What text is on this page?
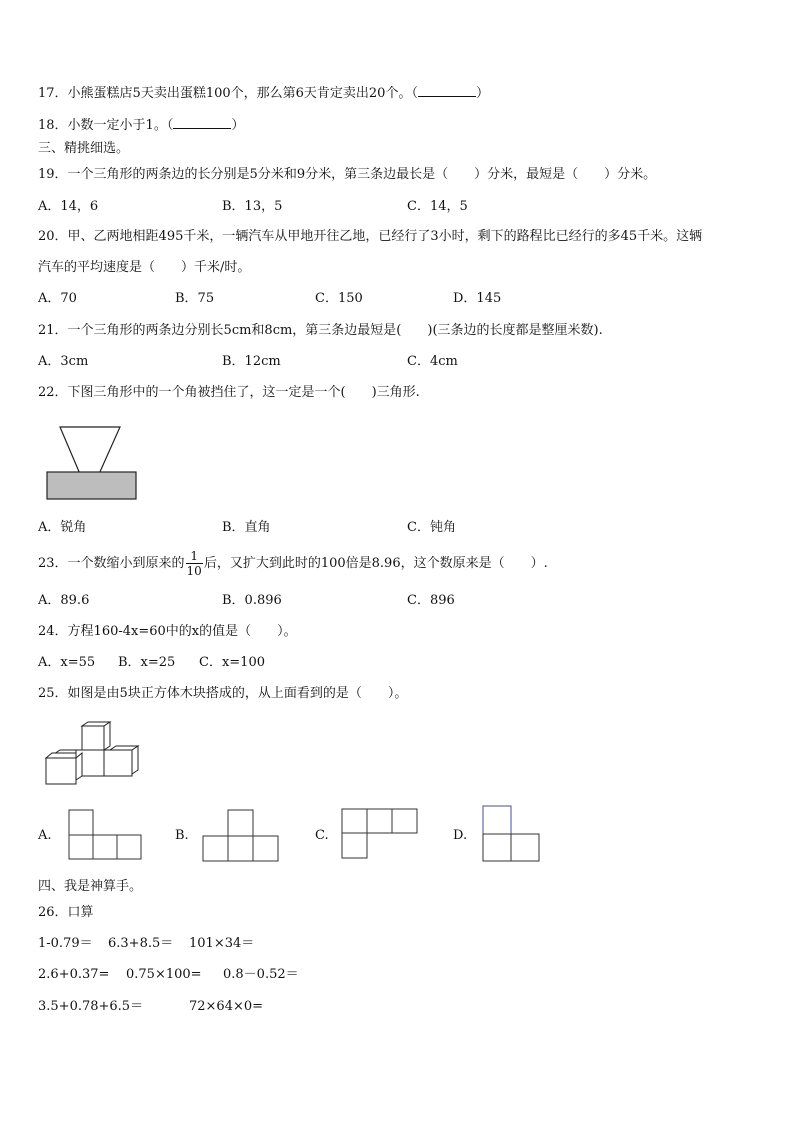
17．小熊蛋糕店5天卖出蛋糕100个，那么第6天肯定卖出20个。（	）
18．小数一定小于1。（	）
三、精挑细选。
19．一个三角形的两条边的长分别是5分米和9分米，第三条边最长是（　　）分米，最短是（　　）分米。
A．14，6	B．13，5	C．14，5
20．甲、乙两地相距495千米，一辆汽车从甲地开往乙地，已经行了3小时，剩下的路程比已经行的多45千米。这辆
汽车的平均速度是（　　）千米/时。
A．70	B．75	C．150	D．145
21．一个三角形的两条边分别长5cm和8cm，第三条边最短是(　　)(三条边的长度都是整厘米数).
A．3cm	B．12cm	C．4cm
22．下图三角形中的一个角被挡住了，这一定是一个(　　)三角形.
A．锐角	B．直角	C．钝角
23．一个数缩小到原来的 $\frac{1}{10}$ 后，又扩大到此时的100倍是8.96，这个数原来是（　　）.
A．89.6	B．0.896	C．896
24．方程160-4x=60中的x的值是（　　）。
A．x=55 B．x=25 C．x=100
25．如图是由5块正方体木块搭成的，从上面看到的是（　　）。
A.	B.	C.	D.
四、我是神算手。
26．口算
1-0.79＝ 6.3+8.5＝ 101×34＝
2.6+0.37= 0.75×100= 0.8－0.52＝
3.5+0.78+6.5＝	72×64×0=
